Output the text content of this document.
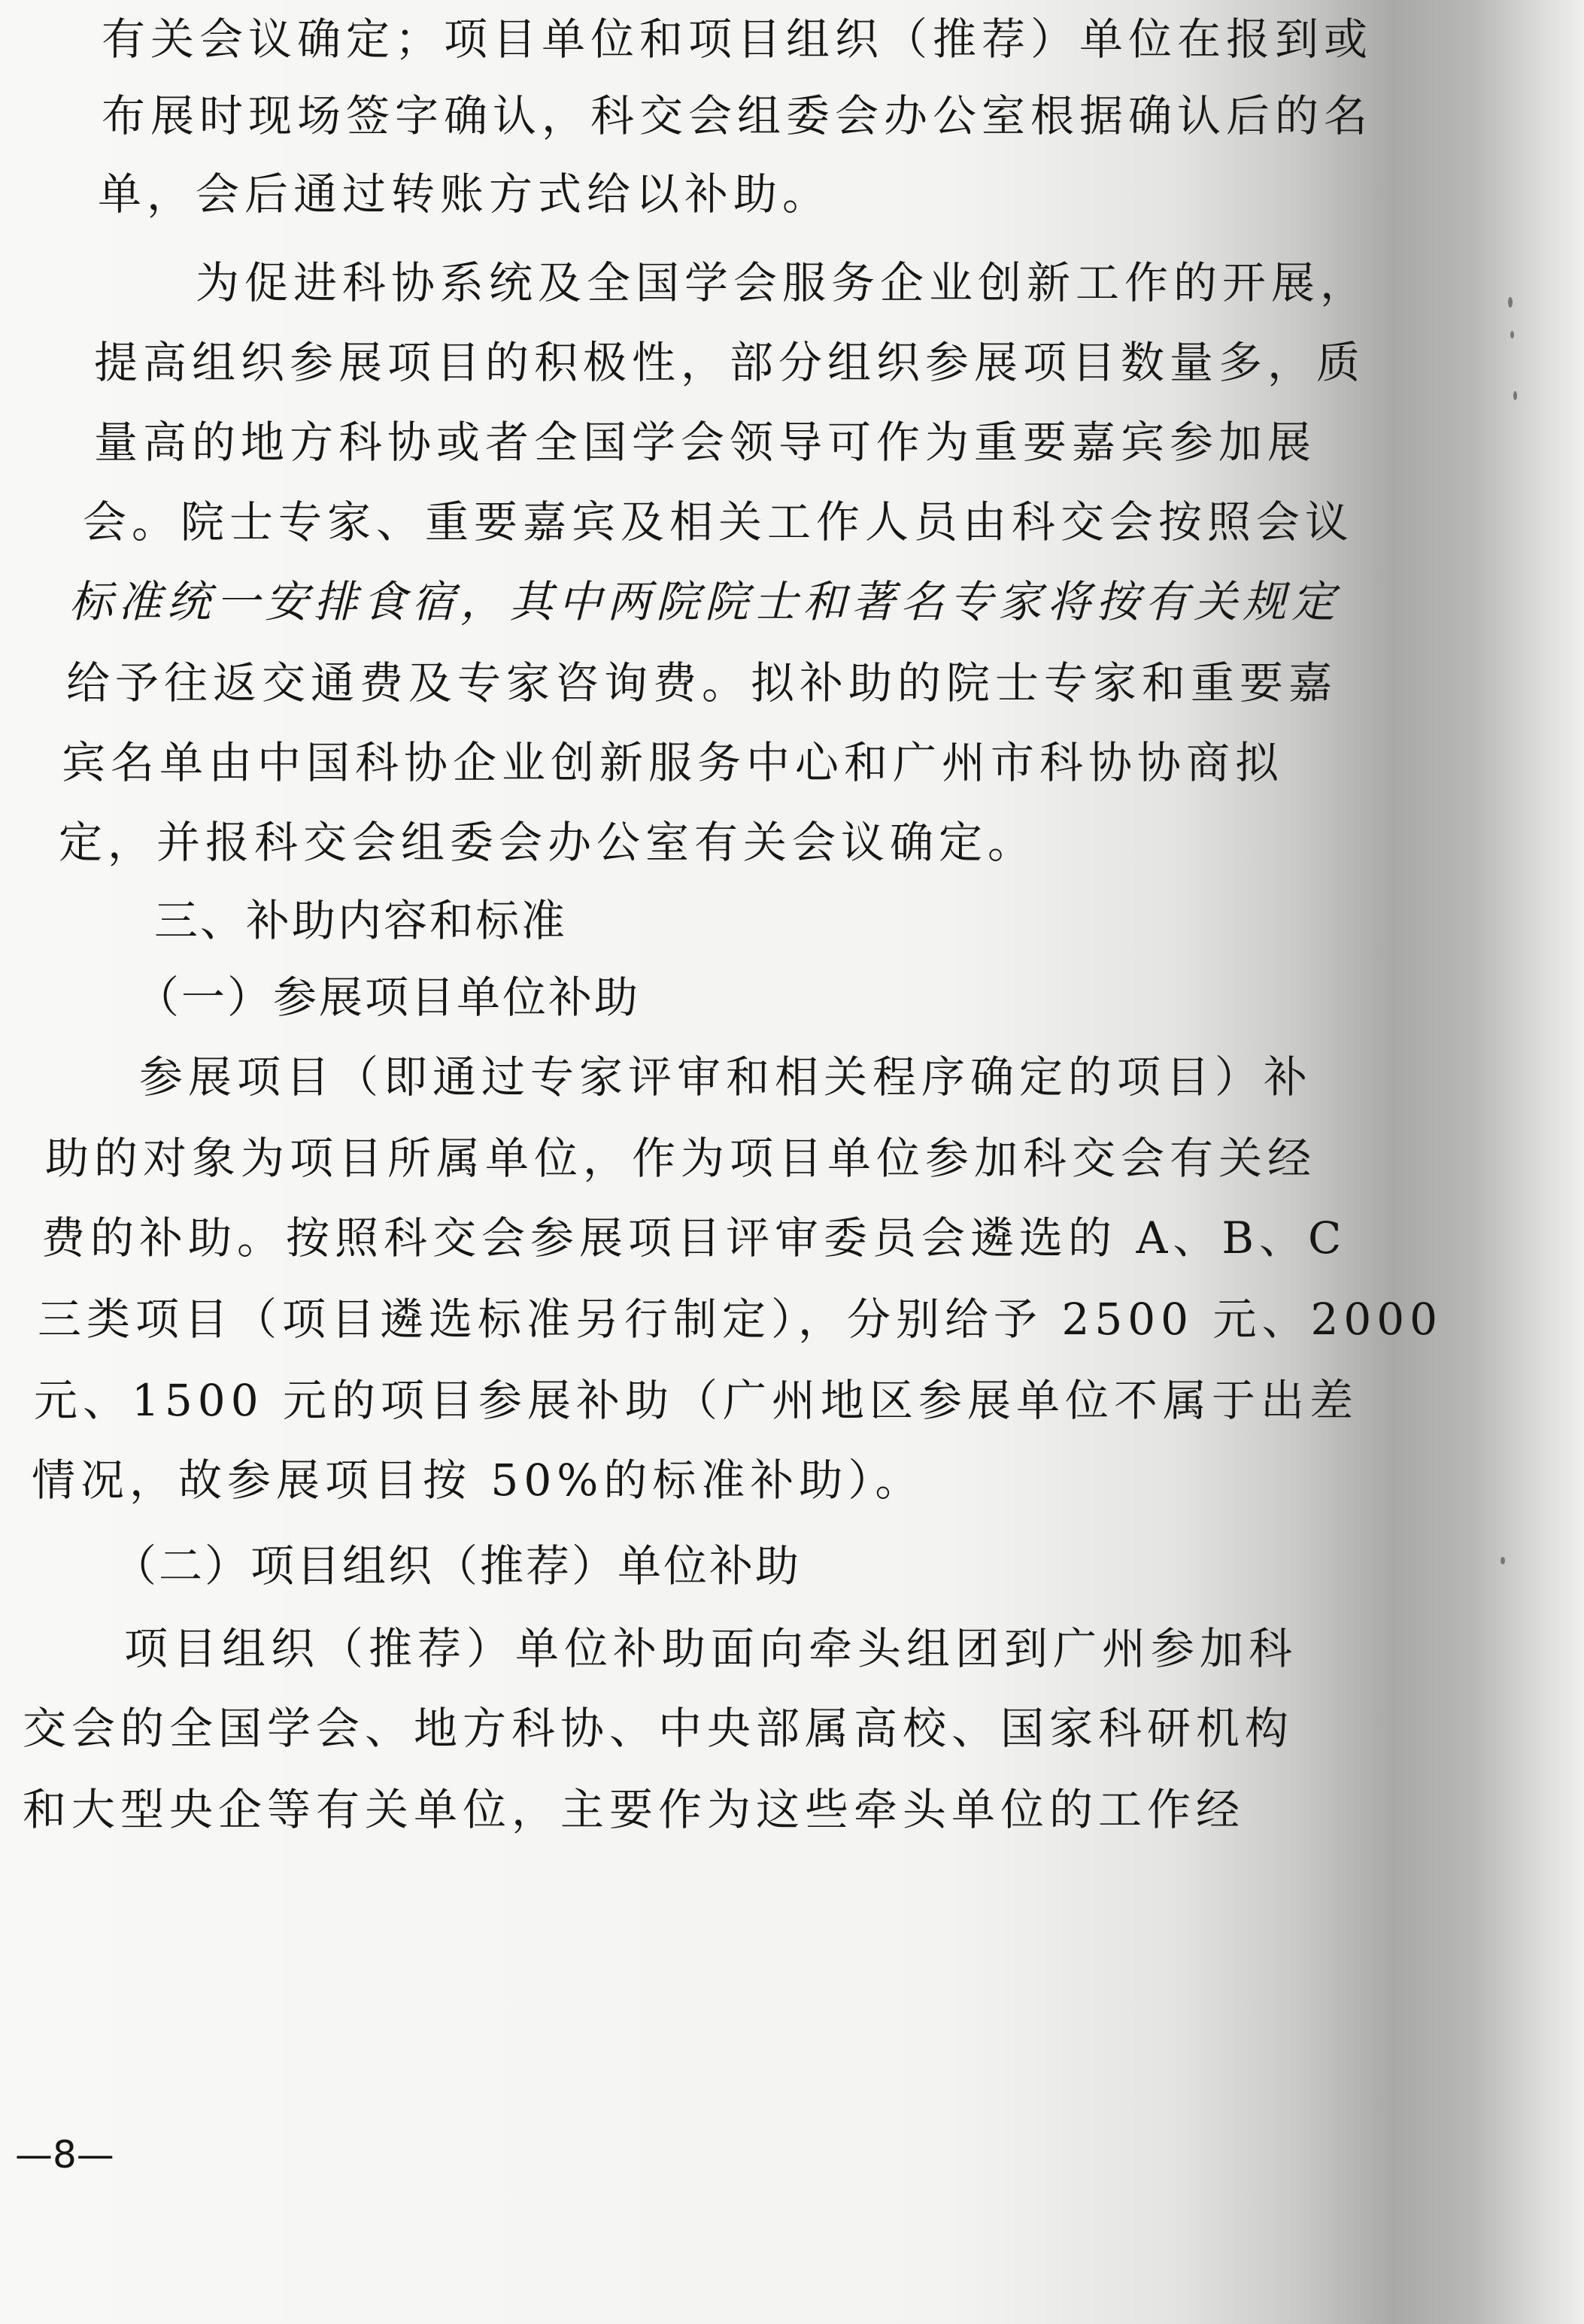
有关会议确定；项目单位和项目组织（推荐）单位在报到或
布展时现场签字确认，科交会组委会办公室根据确认后的名
单，会后通过转账方式给以补助。
为促进科协系统及全国学会服务企业创新工作的开展，
提高组织参展项目的积极性，部分组织参展项目数量多，质
量高的地方科协或者全国学会领导可作为重要嘉宾参加展
会。院士专家、重要嘉宾及相关工作人员由科交会按照会议
标准统一安排食宿，其中两院院士和著名专家将按有关规定
给予往返交通费及专家咨询费。拟补助的院士专家和重要嘉
宾名单由中国科协企业创新服务中心和广州市科协协商拟
定，并报科交会组委会办公室有关会议确定。
三、补助内容和标准
（一）参展项目单位补助
参展项目（即通过专家评审和相关程序确定的项目）补
助的对象为项目所属单位，作为项目单位参加科交会有关经
费的补助。按照科交会参展项目评审委员会遴选的 A、B、C
三类项目（项目遴选标准另行制定），分别给予 2500 元、2000
元、1500 元的项目参展补助（广州地区参展单位不属于出差
情况，故参展项目按 50%的标准补助）。
（二）项目组织（推荐）单位补助
项目组织（推荐）单位补助面向牵头组团到广州参加科
交会的全国学会、地方科协、中央部属高校、国家科研机构
和大型央企等有关单位，主要作为这些牵头单位的工作经
—8—
